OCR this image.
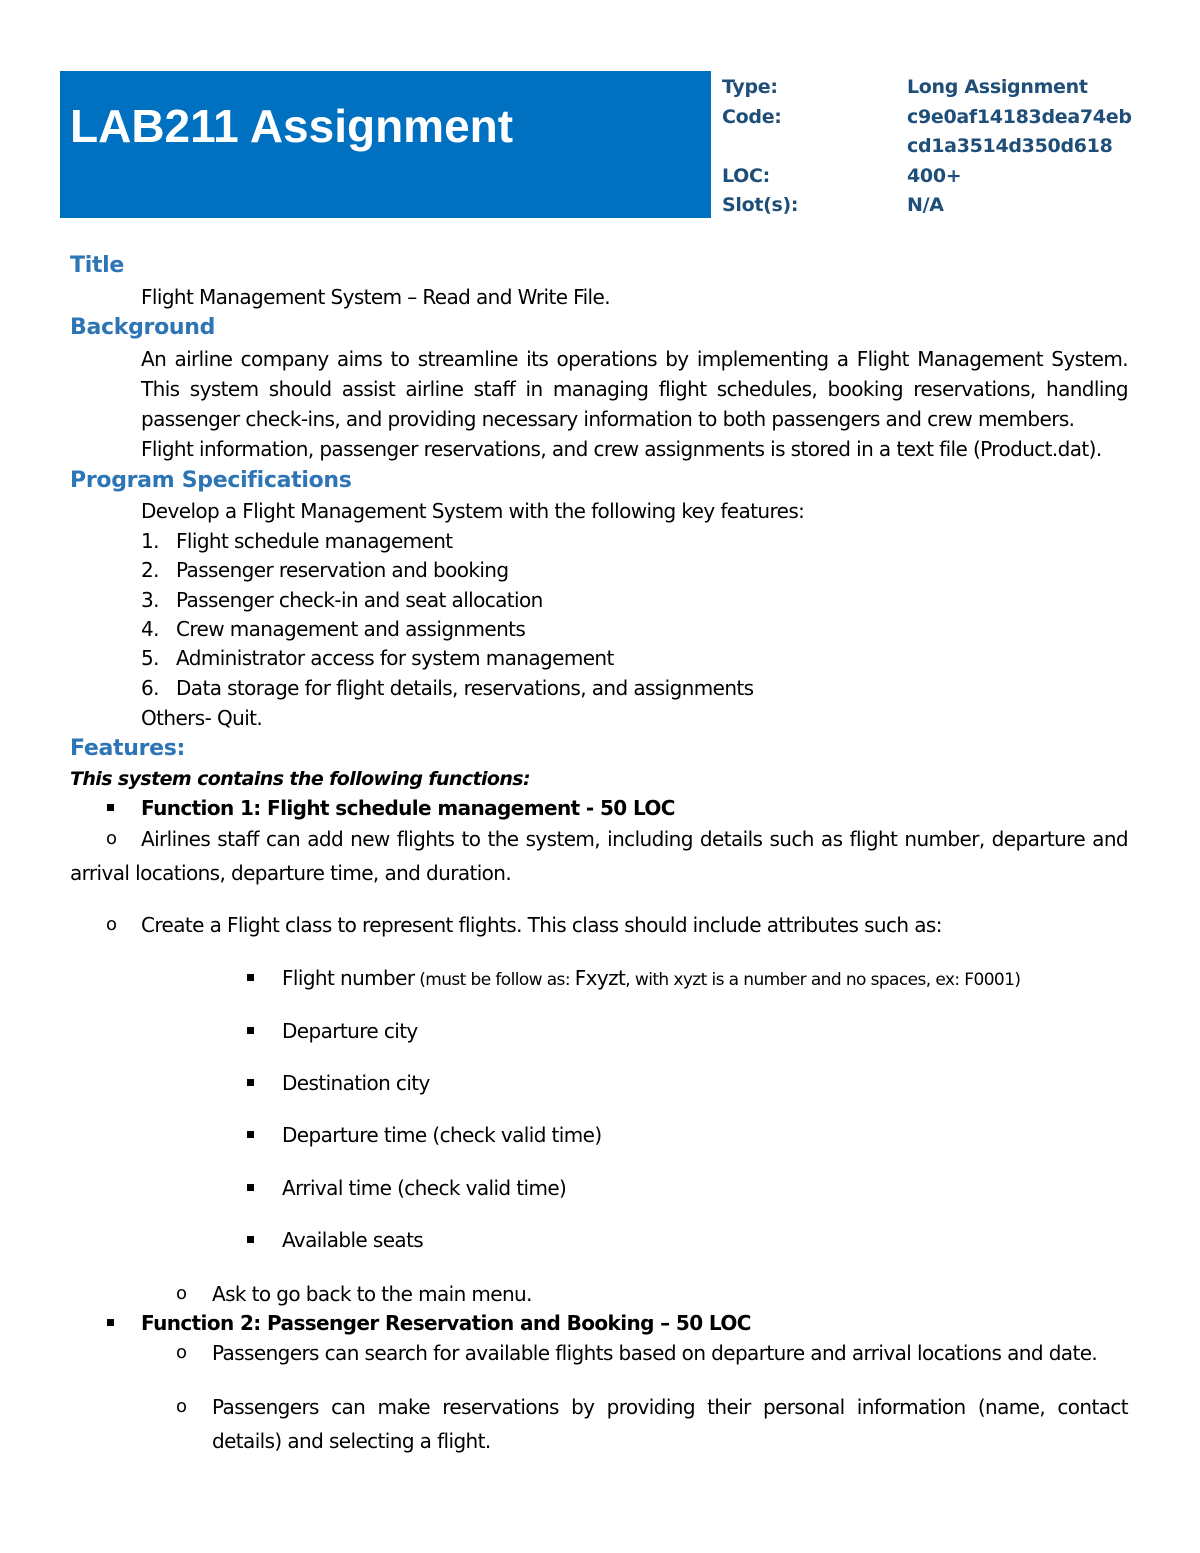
LAB211 Assignment
Type:	Long Assignment
Code:	c9e0af14183dea74eb
cd1a3514d350d618
LOC:	400+
Slot(s):	N/A
Title
Flight Management System – Read and Write File.
Background
An airline company aims to streamline its operations by implementing a Flight Management System.
This system should assist airline staff in managing flight schedules, booking reservations, handling
passenger check-ins, and providing necessary information to both passengers and crew members.
Flight information, passenger reservations, and crew assignments is stored in a text file (Product.dat).
Program Specifications
Develop a Flight Management System with the following key features:
1. Flight schedule management
2. Passenger reservation and booking
3. Passenger check-in and seat allocation
4. Crew management and assignments
5. Administrator access for system management
6. Data storage for flight details, reservations, and assignments
Others- Quit.
Features:
This system contains the following functions:
Function 1: Flight schedule management - 50 LOC
o Airlines staff can add new flights to the system, including details such as flight number, departure and
arrival locations, departure time, and duration.
o Create a Flight class to represent flights. This class should include attributes such as:
Flight number (must be follow as: Fxyzt, with xyzt is a number and no spaces, ex: F0001)
Departure city
Destination city
Departure time (check valid time)
Arrival time (check valid time)
Available seats
o Ask to go back to the main menu.
Function 2: Passenger Reservation and Booking – 50 LOC
o Passengers can search for available flights based on departure and arrival locations and date.
o Passengers can make reservations by providing their personal information (name, contact
details) and selecting a flight.
